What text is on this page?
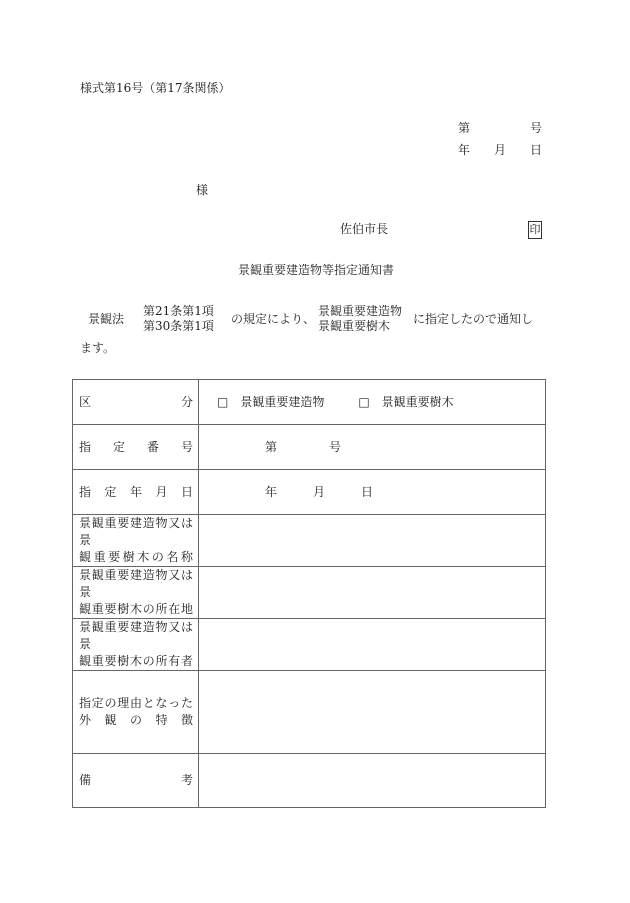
様式第16号（第17条関係）
第	号
年 月 日
様
佐伯市長	印
景観重要建造物等指定通知書
景観法
第21条第1項
第30条第1項 の規定により、
景観重要建造物
景観重要樹木 に指定したので通知し
ます。
区分	□　景観重要建造物 □　景観重要樹木

指定番号	第 号

指定年月日	年 月 日

景観重要建造物又は景
観重要樹木の名称	

景観重要建造物又は景
観重要樹木の所在地	

景観重要建造物又は景
観重要樹木の所有者	

指定の理由となった
外観の特徴	

備考	
